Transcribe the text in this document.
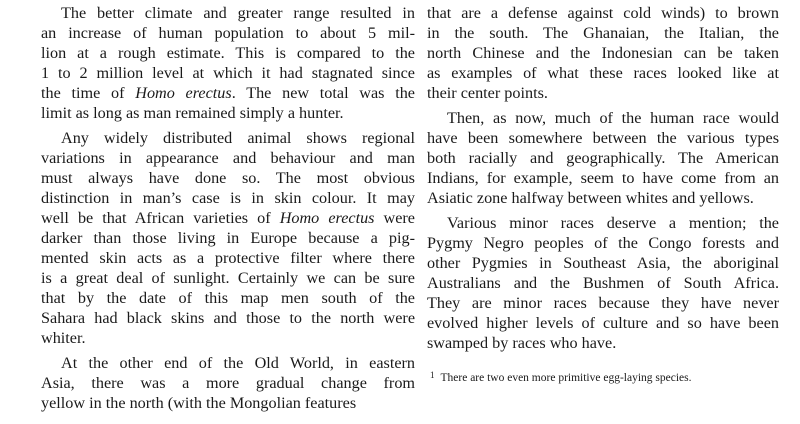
The better climate and greater range resulted in
an increase of human population to about 5 mil-
lion at a rough estimate. This is compared to the
1 to 2 million level at which it had stagnated since
the time of Homo erectus. The new total was the
limit as long as man remained simply a hunter.
Any widely distributed animal shows regional
variations in appearance and behaviour and man
must always have done so. The most obvious
distinction in man’s case is in skin colour. It may
well be that African varieties of Homo erectus were
darker than those living in Europe because a pig-
mented skin acts as a protective filter where there
is a great deal of sunlight. Certainly we can be sure
that by the date of this map men south of the
Sahara had black skins and those to the north were
whiter.
At the other end of the Old World, in eastern
Asia, there was a more gradual change from
yellow in the north (with the Mongolian features
that are a defense against cold winds) to brown
in the south. The Ghanaian, the Italian, the
north Chinese and the Indonesian can be taken
as examples of what these races looked like at
their center points.
Then, as now, much of the human race would
have been somewhere between the various types
both racially and geographically. The American
Indians, for example, seem to have come from an
Asiatic zone halfway between whites and yellows.
Various minor races deserve a mention; the
Pygmy Negro peoples of the Congo forests and
other Pygmies in Southeast Asia, the aboriginal
Australians and the Bushmen of South Africa.
They are minor races because they have never
evolved higher levels of culture and so have been
swamped by races who have.
$^1$ There are two even more primitive egg-laying species.
